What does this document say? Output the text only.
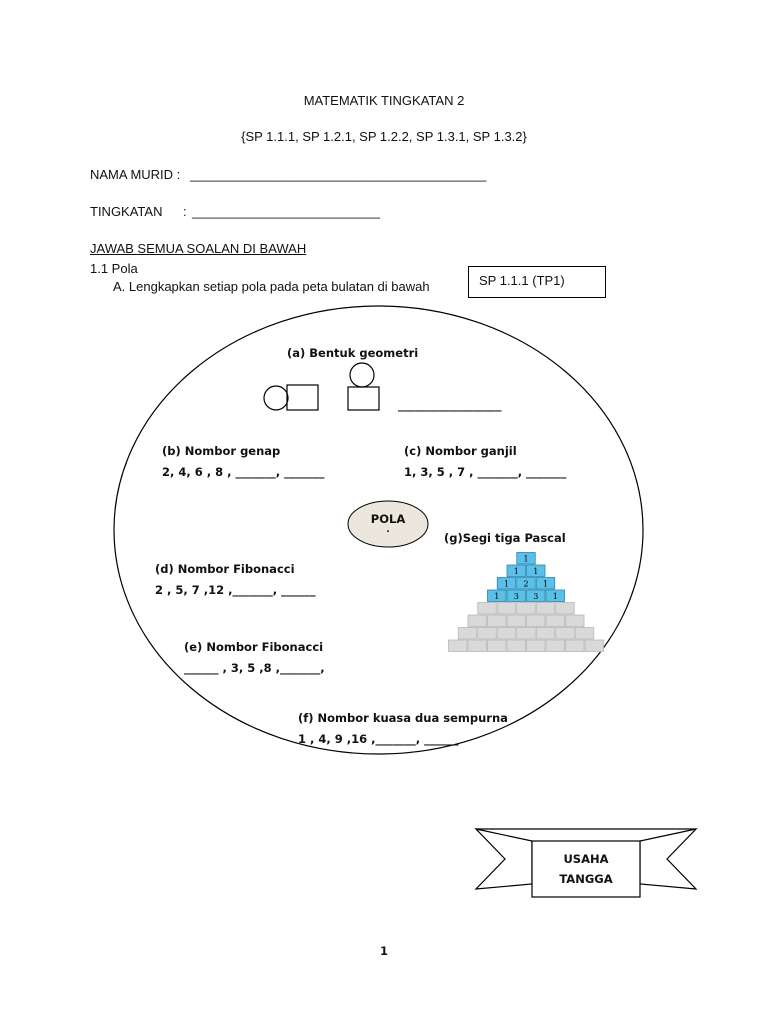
MATEMATIK TINGKATAN 2
{SP 1.1.1, SP 1.2.1, SP 1.2.2, SP 1.3.1, SP 1.3.2}
NAMA MURID : _________________________________________
TINGKATAN : __________________________
JAWAB SEMUA SOALAN DI BAWAH
1.1 Pola
A. Lengkapkan setiap pola pada peta bulatan di bawah	SP 1.1.1 (TP1)
1
1 1
1 2 1
1 3 3 1
(a) Bentuk geometri
__________________
(b) Nombor genap
2, 4, 6 , 8 , _______, _______
(c) Nombor ganjil
1, 3, 5 , 7 , _______, _______
POLA
.
(g)Segi tiga Pascal
(d) Nombor Fibonacci
2 , 5, 7 ,12 ,_______, ______
(e) Nombor Fibonacci
______ , 3, 5 ,8 ,_______,
(f) Nombor kuasa dua sempurna
1 , 4, 9 ,16 ,_______, ______
USAHA
TANGGA
1
